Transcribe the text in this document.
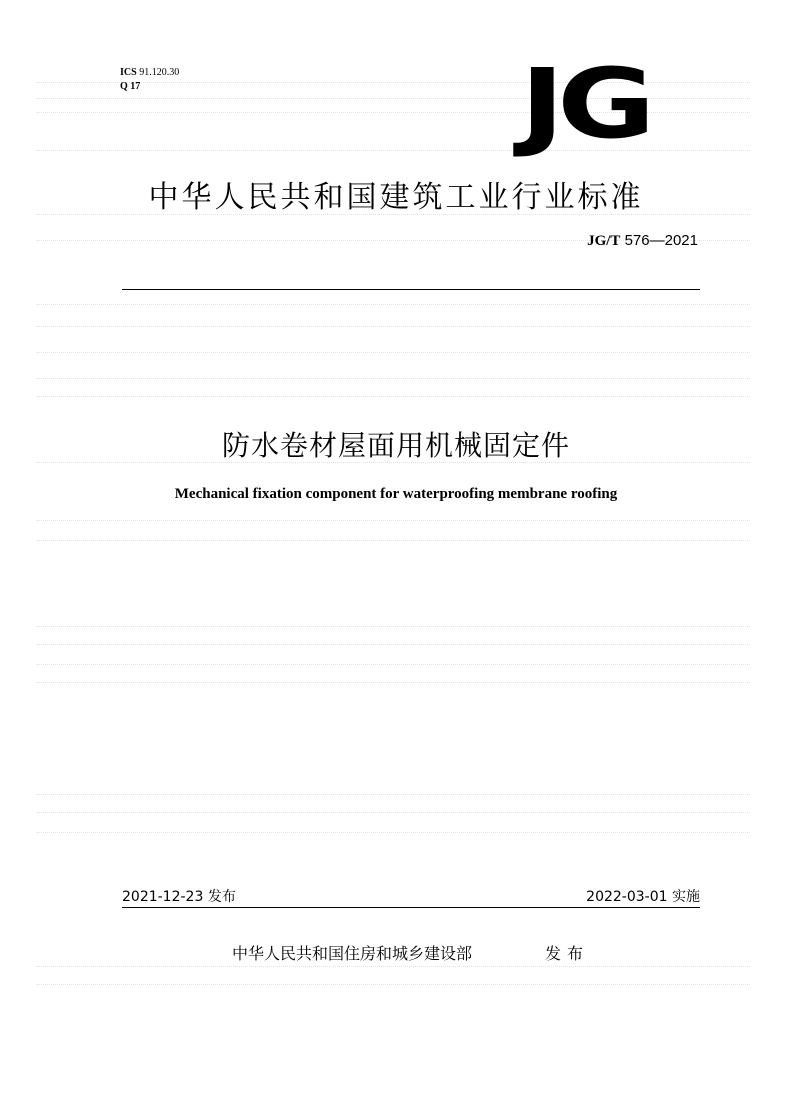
ICS 91.120.30
Q 17	JG
中华人民共和国建筑工业行业标准
JG/T 576—2021
防水卷材屋面用机械固定件
Mechanical fixation component for waterproofing membrane roofing
2021-12-23 发布	2022-03-01 实施
中华人民共和国住房和城乡建设部	发布
